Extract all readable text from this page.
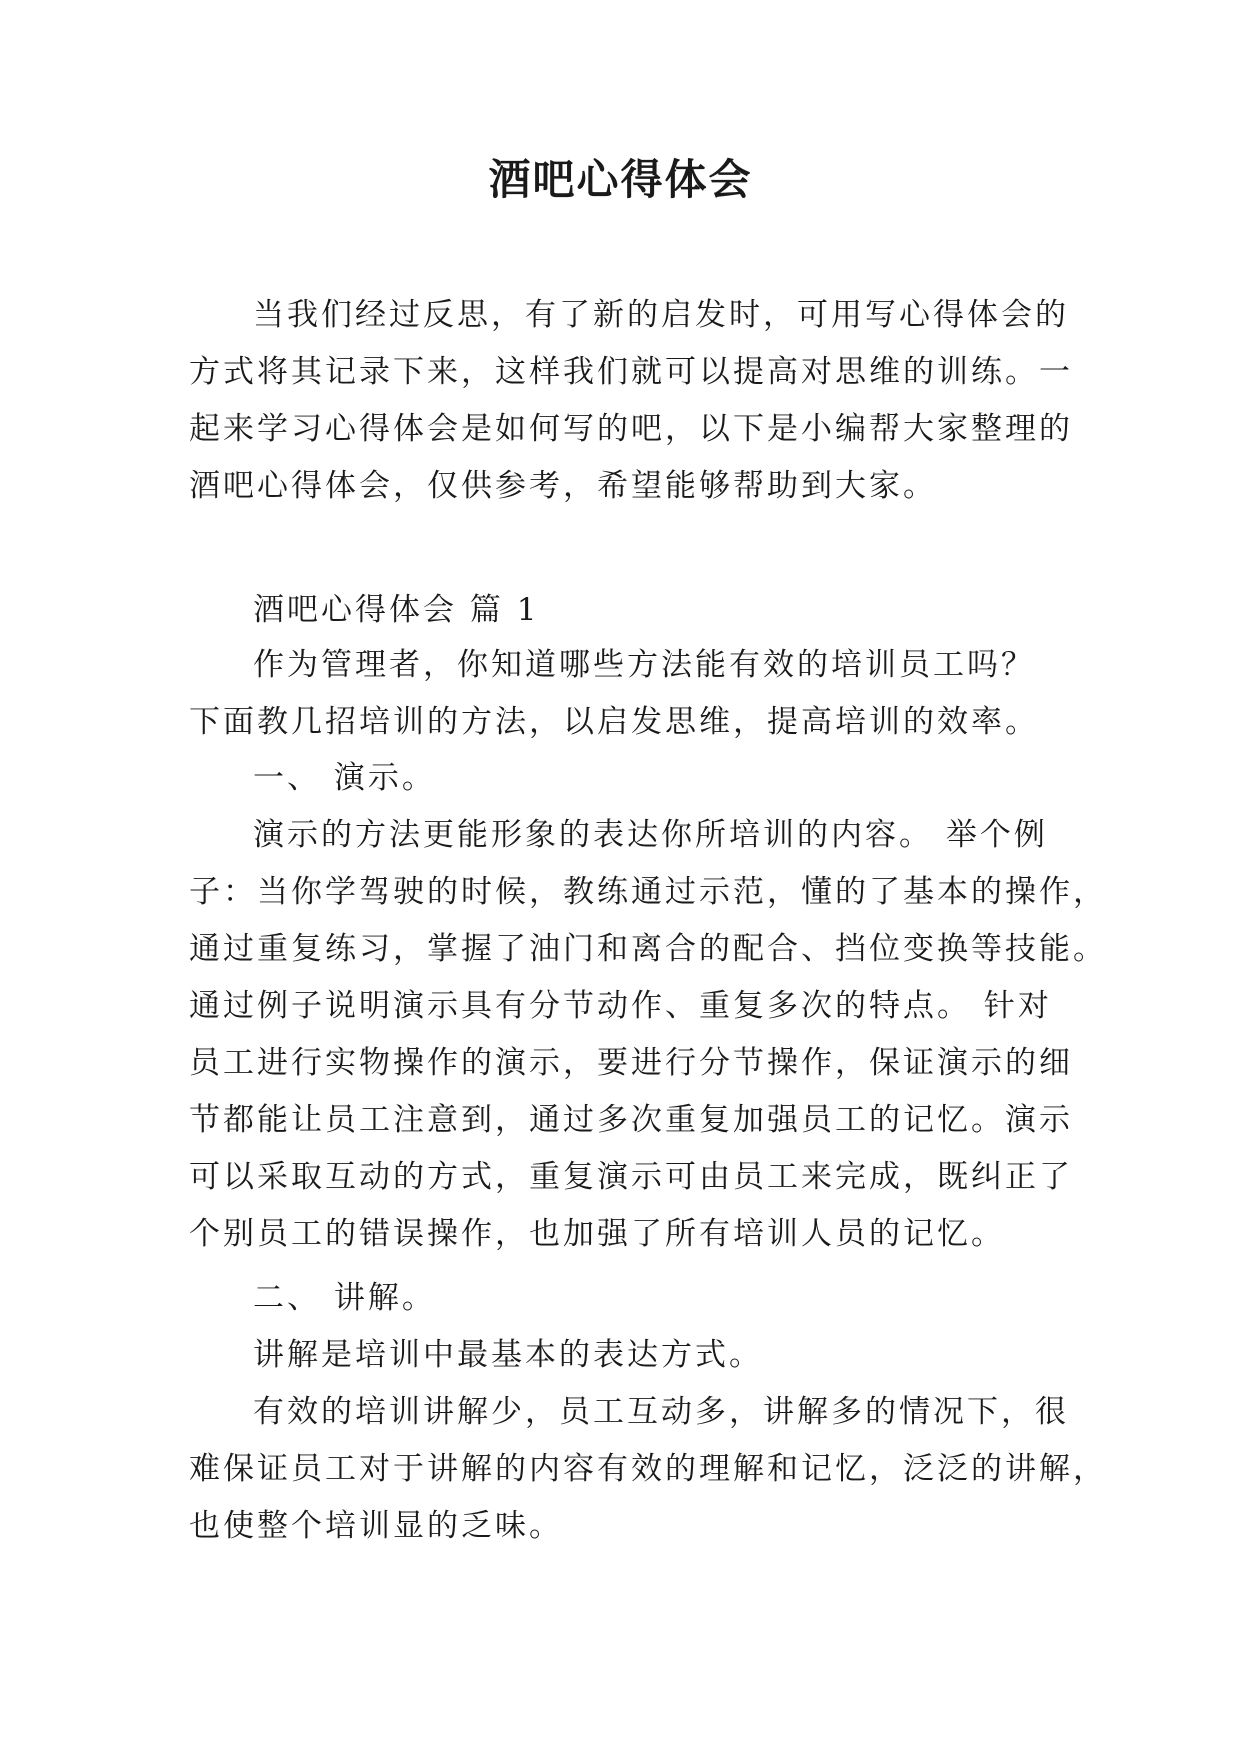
酒吧心得体会
当我们经过反思，有了新的启发时，可用写心得体会的
方式将其记录下来，这样我们就可以提高对思维的训练。一
起来学习心得体会是如何写的吧，以下是小编帮大家整理的
酒吧心得体会，仅供参考，希望能够帮助到大家。
酒吧心得体会 篇 1
作为管理者，你知道哪些方法能有效的培训员工吗？
下面教几招培训的方法，以启发思维，提高培训的效率。
一、 演示。
演示的方法更能形象的表达你所培训的内容。 举个例
子：当你学驾驶的时候，教练通过示范，懂的了基本的操作，
通过重复练习，掌握了油门和离合的配合、挡位变换等技能。
通过例子说明演示具有分节动作、重复多次的特点。 针对
员工进行实物操作的演示，要进行分节操作，保证演示的细
节都能让员工注意到，通过多次重复加强员工的记忆。演示
可以采取互动的方式，重复演示可由员工来完成，既纠正了
个别员工的错误操作，也加强了所有培训人员的记忆。
二、 讲解。
讲解是培训中最基本的表达方式。
有效的培训讲解少，员工互动多，讲解多的情况下，很
难保证员工对于讲解的内容有效的理解和记忆，泛泛的讲解，
也使整个培训显的乏味。
